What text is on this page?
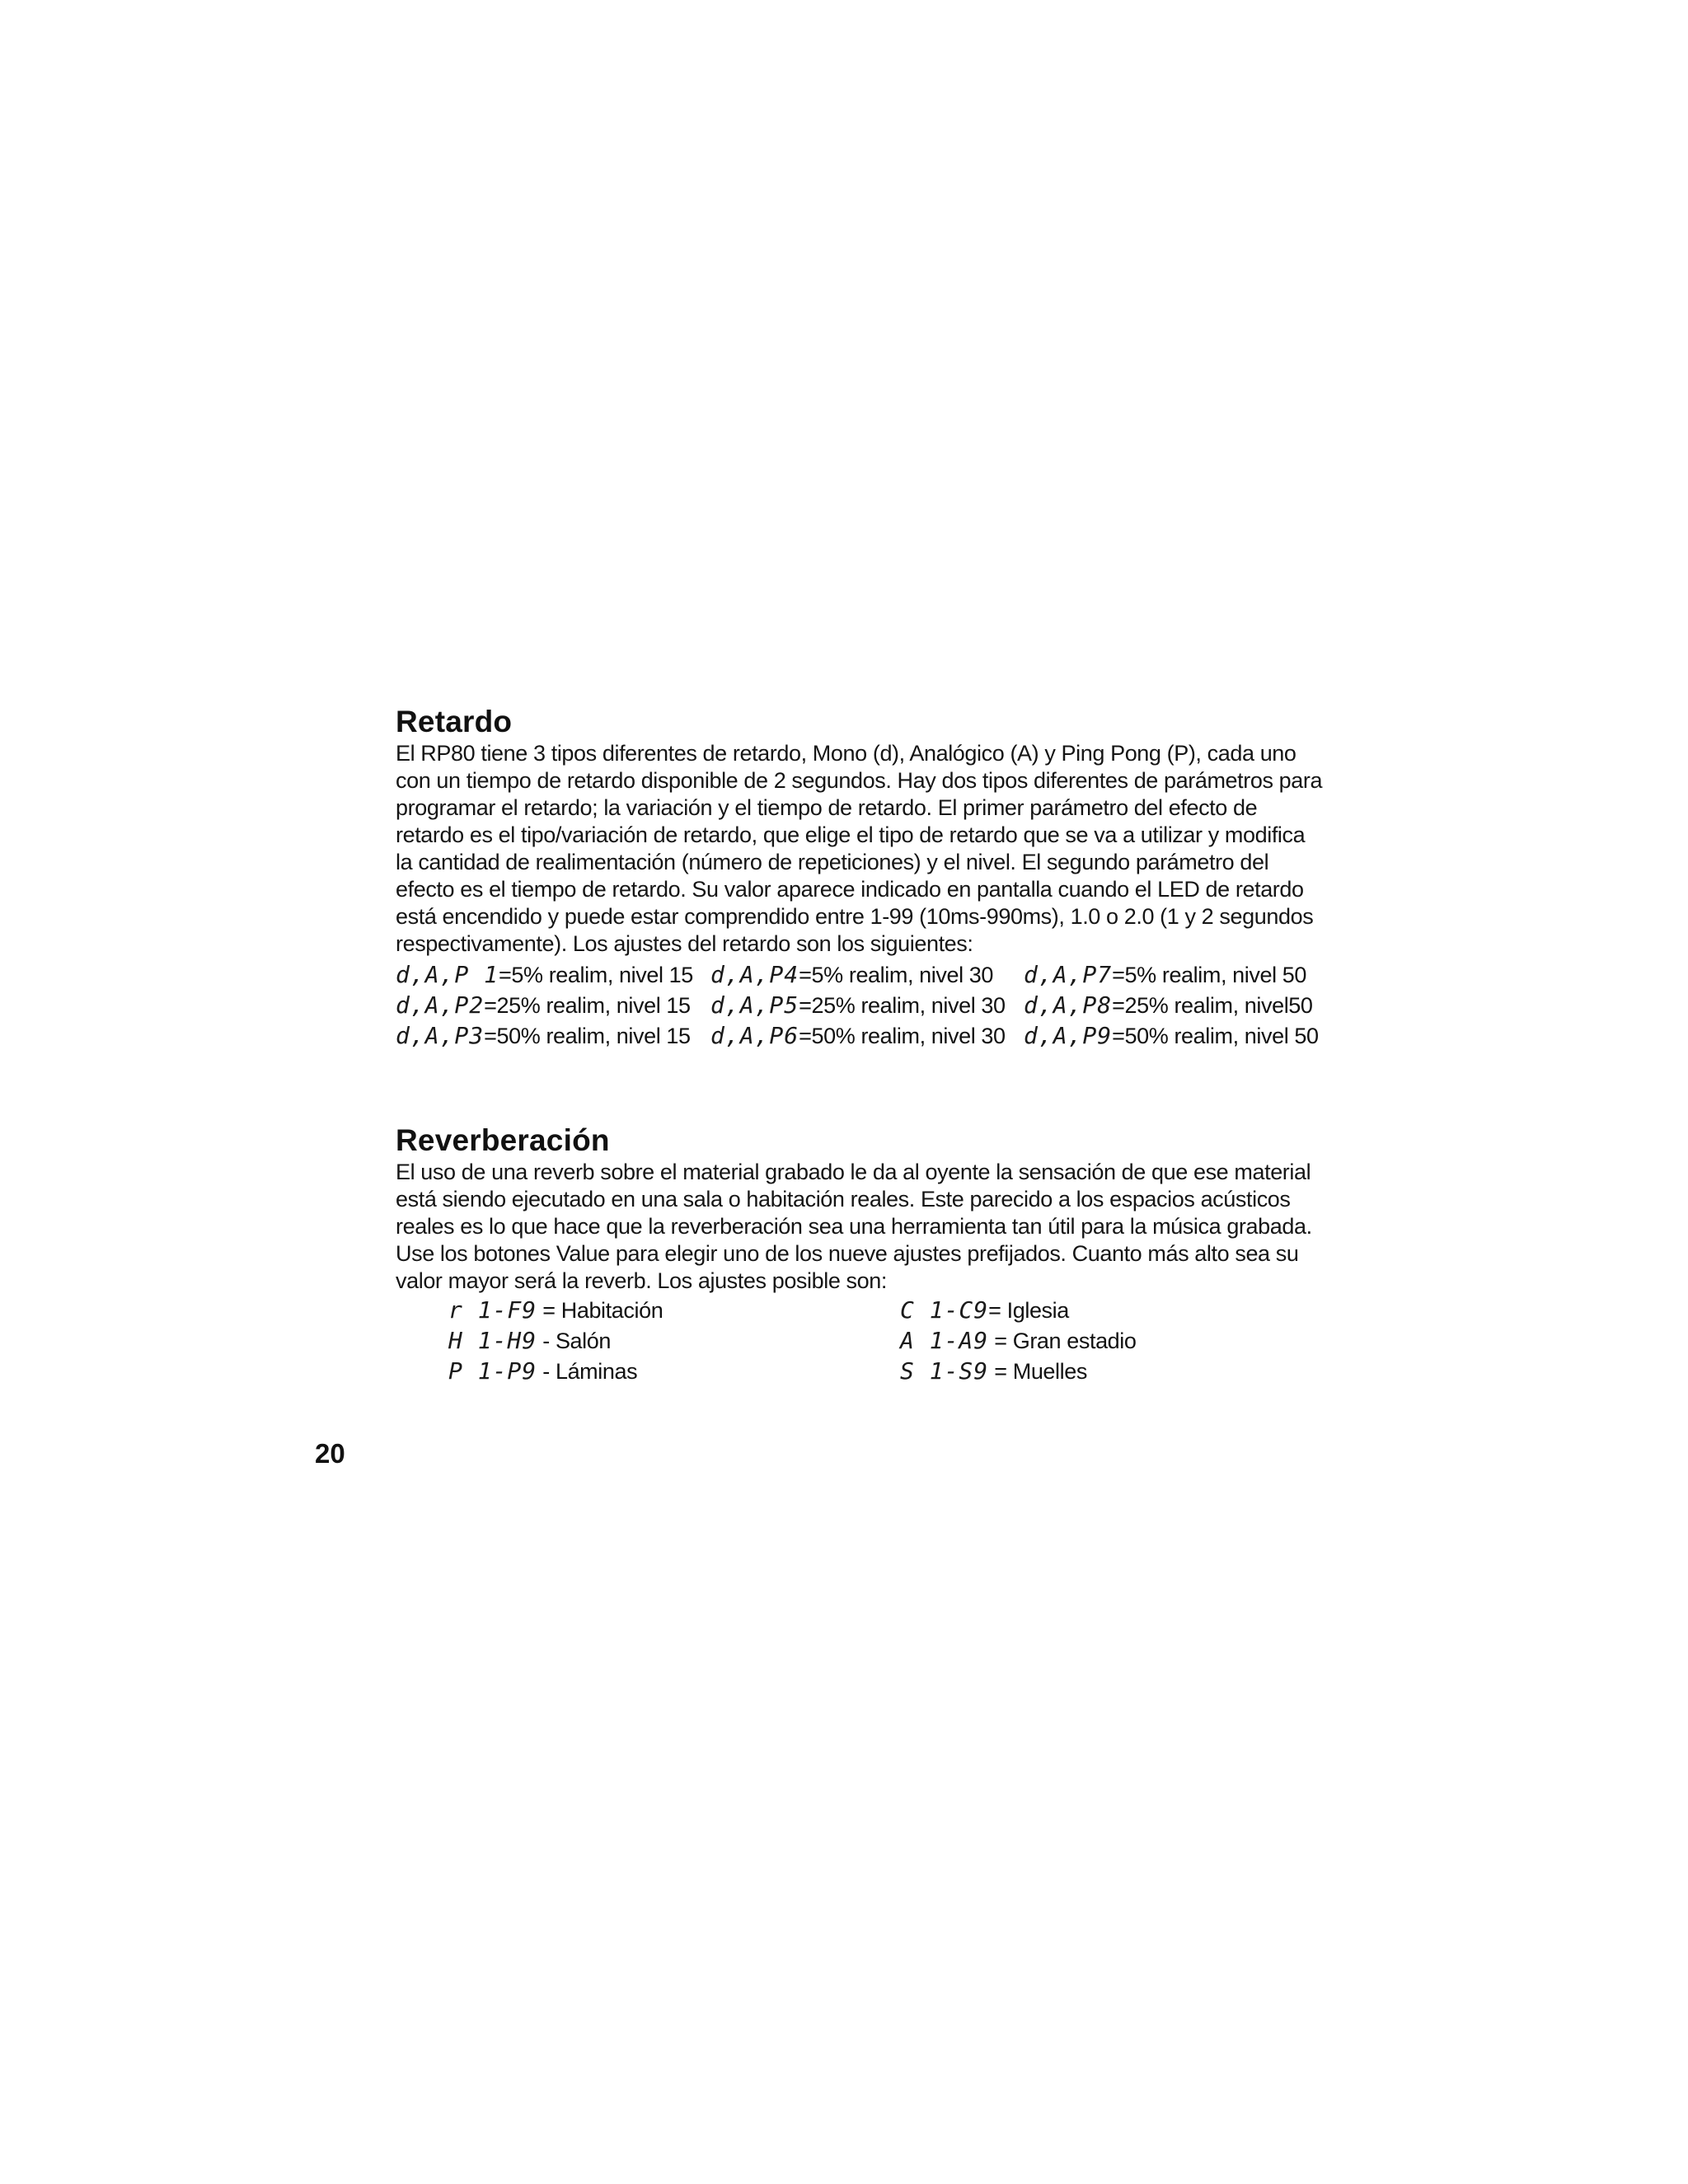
Retardo

El RP80 tiene 3 tipos diferentes de retardo, Mono (d), Analógico (A) y Ping Pong (P), cada uno con un tiempo de retardo disponible de 2 segundos. Hay dos tipos diferentes de parámetros para programar el retardo; la variación y el tiempo de retardo. El primer parámetro del efecto de retardo es el tipo/variación de retardo, que elige el tipo de retardo que se va a utilizar y modifica la cantidad de realimentación (número de repeticiones) y el nivel. El segundo parámetro del efecto es el tiempo de retardo. Su valor aparece indicado en pantalla cuando el LED de retardo está encendido y puede estar comprendido entre 1-99 (10ms-990ms), 1.0 o 2.0 (1 y 2 segundos respectivamente). Los ajustes del retardo son los siguientes:

d,A,P 1=5% realim, nivel 15 d,A,P4=5% realim, nivel 30	d,A,P7=5% realim, nivel 50
d,A,P2=25% realim, nivel 15 d,A,P5=25% realim, nivel 30 d,A,P8=25% realim, nivel50
d,A,P3=50% realim, nivel 15 d,A,P6=50% realim, nivel 30 d,A,P9=50% realim, nivel 50
Reverberación

El uso de una reverb sobre el material grabado le da al oyente la sensación de que ese material está siendo ejecutado en una sala o habitación reales. Este parecido a los espacios acústicos reales es lo que hace que la reverberación sea una herramienta tan útil para la música grabada. Use los botones Value para elegir uno de los nueve ajustes prefijados. Cuanto más alto sea su valor mayor será la reverb. Los ajustes posible son:

r 1-F9 = Habitación	C 1-C9= Iglesia
H 1-H9 - Salón	A 1-A9 = Gran estadio
P 1-P9 - Láminas	S 1-S9 = Muelles
20
